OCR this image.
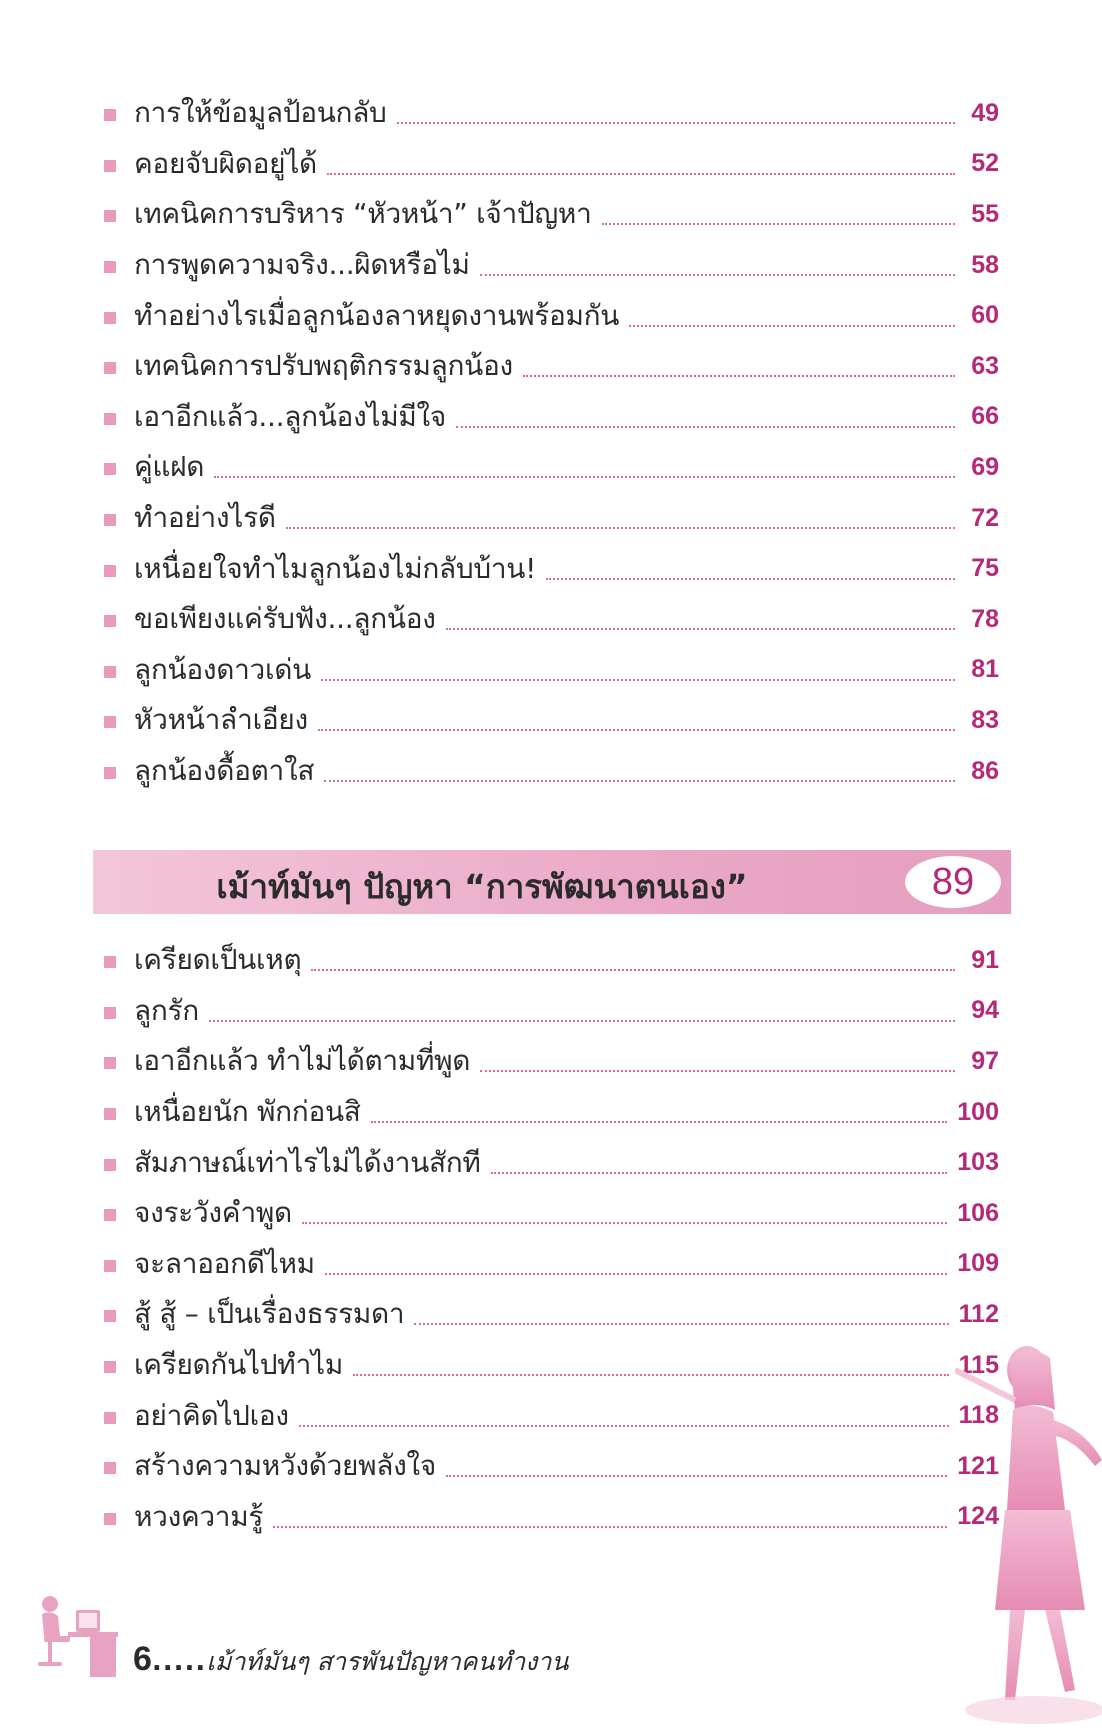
การให้ข้อมูลป้อนกลับ	49
คอยจับผิดอยู่ได้	52
เทคนิคการบริหาร “หัวหน้า” เจ้าปัญหา	55
การพูดความจริง...ผิดหรือไม่	58
ทำอย่างไรเมื่อลูกน้องลาหยุดงานพร้อมกัน	60
เทคนิคการปรับพฤติกรรมลูกน้อง	63
เอาอีกแล้ว...ลูกน้องไม่มีใจ	66
คู่แฝด	69
ทำอย่างไรดี	72
เหนื่อยใจทำไมลูกน้องไม่กลับบ้าน!	75
ขอเพียงแค่รับฟัง...ลูกน้อง	78
ลูกน้องดาวเด่น	81
หัวหน้าลำเอียง	83
ลูกน้องดื้อตาใส	86
เม้าท์มันๆ ปัญหา “การพัฒนาตนเอง”	89
เครียดเป็นเหตุ	91
ลูกรัก	94
เอาอีกแล้ว ทำไม่ได้ตามที่พูด	97
เหนื่อยนัก พักก่อนสิ	100
สัมภาษณ์เท่าไรไม่ได้งานสักที	103
จงระวังคำพูด	106
จะลาออกดีไหม	109
สู้ สู้ – เป็นเรื่องธรรมดา	112
เครียดกันไปทำไม	115
อย่าคิดไปเอง	118
สร้างความหวังด้วยพลังใจ	121
หวงความรู้	124
6.....เม้าท์มันๆ สารพันปัญหาคนทำงาน
